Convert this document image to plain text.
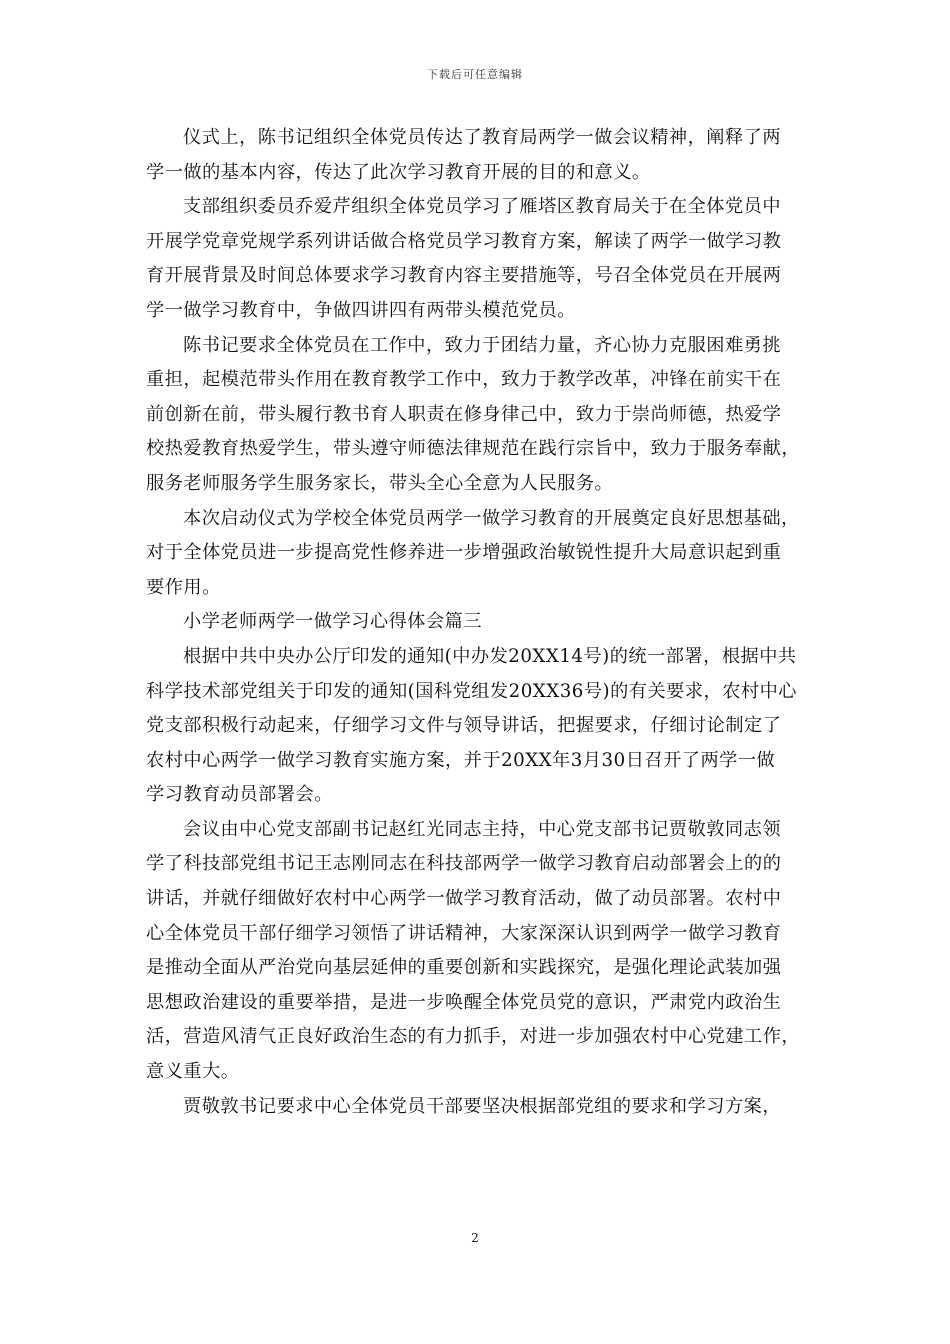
下载后可任意编辑
仪式上，陈书记组织全体党员传达了教育局两学一做会议精神，阐释了两
学一做的基本内容，传达了此次学习教育开展的目的和意义。
支部组织委员乔爱芹组织全体党员学习了雁塔区教育局关于在全体党员中
开展学党章党规学系列讲话做合格党员学习教育方案，解读了两学一做学习教
育开展背景及时间总体要求学习教育内容主要措施等，号召全体党员在开展两
学一做学习教育中，争做四讲四有两带头模范党员。
陈书记要求全体党员在工作中，致力于团结力量，齐心协力克服困难勇挑
重担，起模范带头作用在教育教学工作中，致力于教学改革，冲锋在前实干在
前创新在前，带头履行教书育人职责在修身律己中，致力于崇尚师德，热爱学
校热爱教育热爱学生，带头遵守师德法律规范在践行宗旨中，致力于服务奉献，
服务老师服务学生服务家长，带头全心全意为人民服务。
本次启动仪式为学校全体党员两学一做学习教育的开展奠定良好思想基础，
对于全体党员进一步提高党性修养进一步增强政治敏锐性提升大局意识起到重
要作用。
小学老师两学一做学习心得体会篇三
根据中共中央办公厅印发的通知(中办发20XX14号)的统一部署，根据中共
科学技术部党组关于印发的通知(国科党组发20XX36号)的有关要求，农村中心
党支部积极行动起来，仔细学习文件与领导讲话，把握要求，仔细讨论制定了
农村中心两学一做学习教育实施方案，并于20XX年3月30日召开了两学一做
学习教育动员部署会。
会议由中心党支部副书记赵红光同志主持，中心党支部书记贾敬敦同志领
学了科技部党组书记王志刚同志在科技部两学一做学习教育启动部署会上的的
讲话，并就仔细做好农村中心两学一做学习教育活动，做了动员部署。农村中
心全体党员干部仔细学习领悟了讲话精神，大家深深认识到两学一做学习教育
是推动全面从严治党向基层延伸的重要创新和实践探究，是强化理论武装加强
思想政治建设的重要举措，是进一步唤醒全体党员党的意识，严肃党内政治生
活，营造风清气正良好政治生态的有力抓手，对进一步加强农村中心党建工作，
意义重大。
贾敬敦书记要求中心全体党员干部要坚决根据部党组的要求和学习方案，
2
